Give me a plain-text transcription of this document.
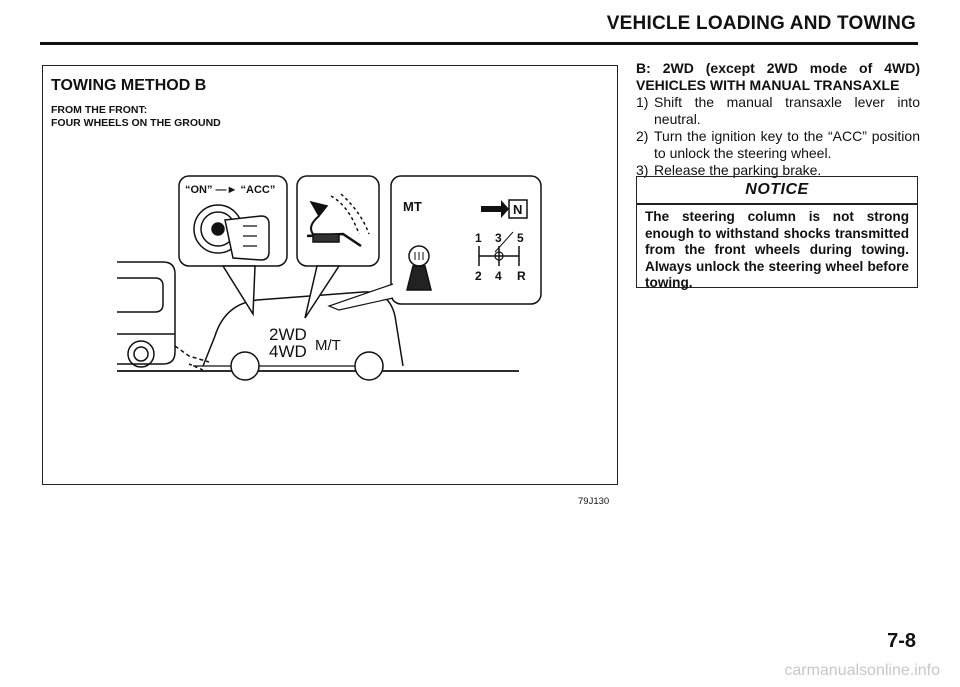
VEHICLE LOADING AND TOWING
TOWING METHOD B
FROM THE FRONT:
FOUR WHEELS ON THE GROUND
2WD
4WD M/T
“ON” —► “ACC”
MT	N
1 3 5
2 4 R
79J130
B: 2WD (except 2WD mode of 4WD) VEHICLES WITH MANUAL TRANSAXLE
1) Shift the manual transaxle lever into neutral.
2) Turn the ignition key to the “ACC” position to unlock the steering wheel.
3) Release the parking brake.
NOTICE
The steering column is not strong enough to withstand shocks transmitted from the front wheels during towing. Always unlock the steering wheel before towing.
7-8
carmanualsonline.info
